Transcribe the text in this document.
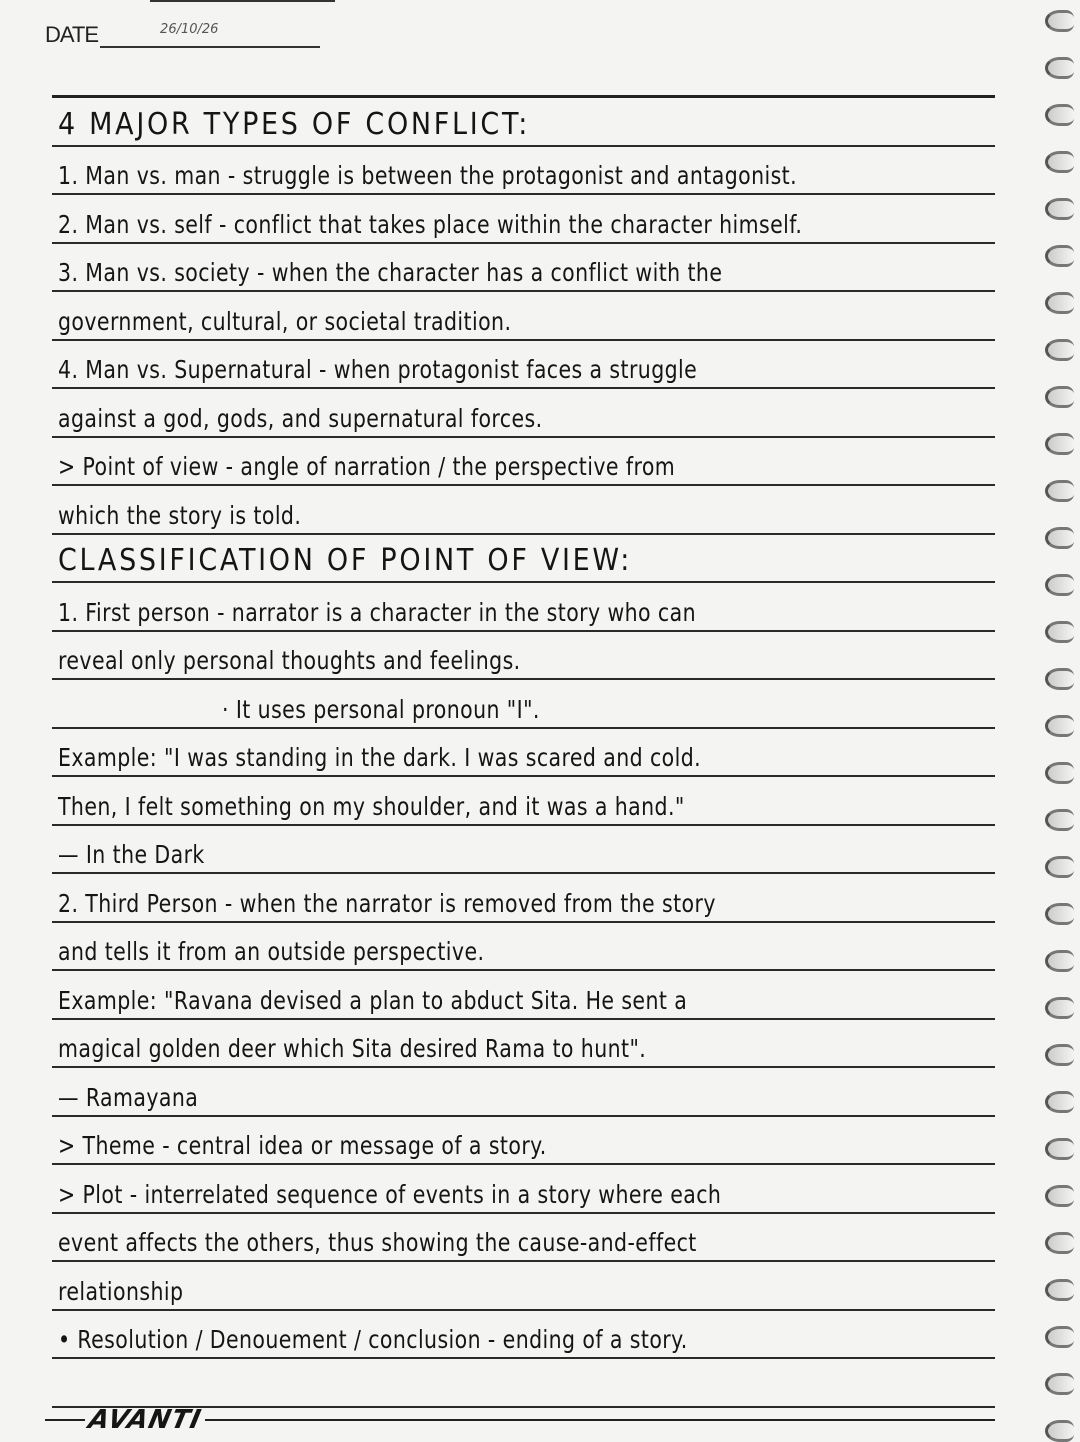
DATE	26/10/26
4 MAJOR TYPES OF CONFLICT:
1. Man vs. man - struggle is between the protagonist and antagonist.
2. Man vs. self - conflict that takes place within the character himself.
3. Man vs. society - when the character has a conflict with the
government, cultural, or societal tradition.
4. Man vs. Supernatural - when protagonist faces a struggle
against a god, gods, and supernatural forces.
> Point of view - angle of narration / the perspective from
which the story is told.
CLASSIFICATION OF POINT OF VIEW:
1. First person - narrator is a character in the story who can
reveal only personal thoughts and feelings.
· It uses personal pronoun "I".
Example: "I was standing in the dark. I was scared and cold.
Then, I felt something on my shoulder, and it was a hand."
— In the Dark
2. Third Person - when the narrator is removed from the story
and tells it from an outside perspective.
Example: "Ravana devised a plan to abduct Sita. He sent a
magical golden deer which Sita desired Rama to hunt".
— Ramayana
> Theme - central idea or message of a story.
> Plot - interrelated sequence of events in a story where each
event affects the others, thus showing the cause-and-effect
relationship
• Resolution / Denouement / conclusion - ending of a story.
AVANTI
